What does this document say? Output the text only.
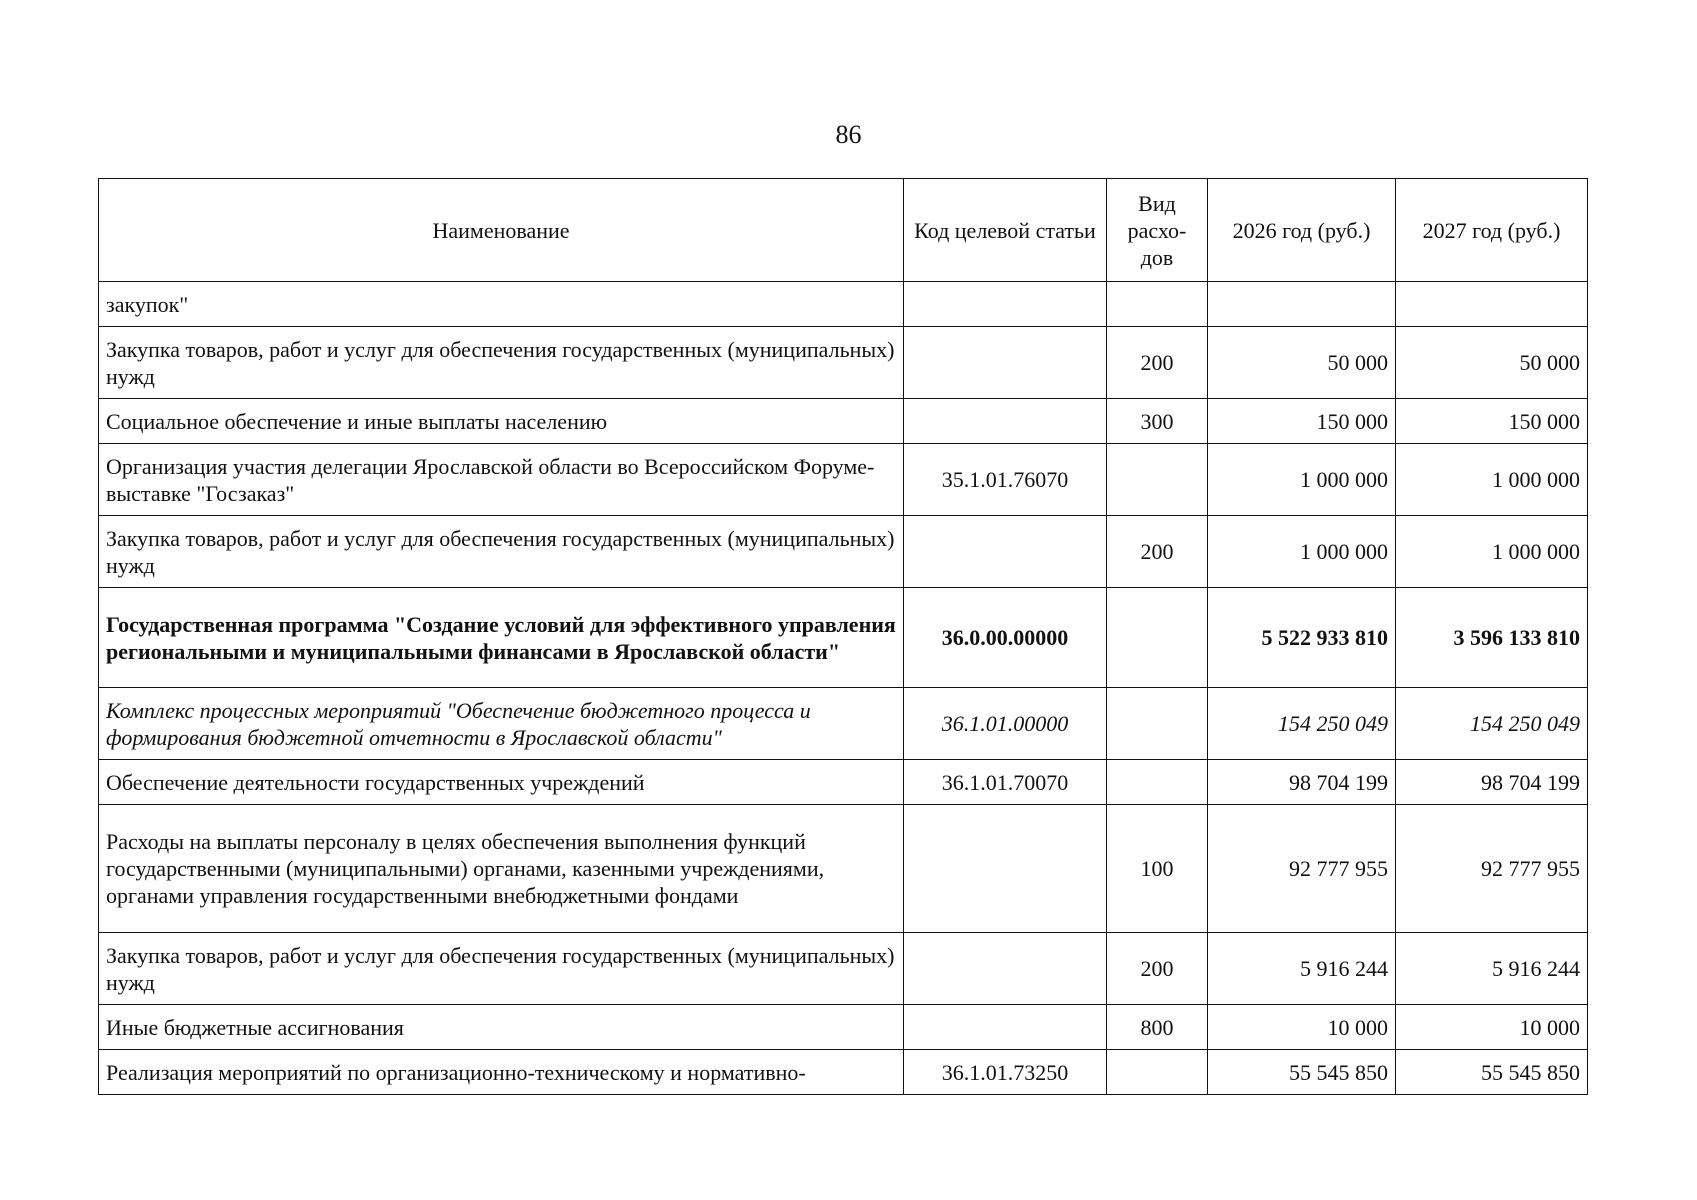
86
Наименование	Код целевой статьи	Вид расхо-дов	2026 год (руб.)	2027 год (руб.)
закупок"				
Закупка товаров, работ и услуг для обеспечения государственных (муниципальных) нужд		200	50 000	50 000
Социальное обеспечение и иные выплаты населению		300	150 000	150 000
Организация участия делегации Ярославской области во Всероссийском Форуме-выставке "Госзаказ"	35.1.01.76070		1 000 000	1 000 000
Закупка товаров, работ и услуг для обеспечения государственных (муниципальных) нужд		200	1 000 000	1 000 000
Государственная программа "Создание условий для эффективного управления региональными и муниципальными финансами в Ярославской области"	36.0.00.00000		5 522 933 810	3 596 133 810
Комплекс процессных мероприятий "Обеспечение бюджетного процесса и формирования бюджетной отчетности в Ярославской области"	36.1.01.00000		154 250 049	154 250 049
Обеспечение деятельности государственных учреждений	36.1.01.70070		98 704 199	98 704 199
Расходы на выплаты персоналу в целях обеспечения выполнения функций государственными (муниципальными) органами, казенными учреждениями, органами управления государственными внебюджетными фондами		100	92 777 955	92 777 955
Закупка товаров, работ и услуг для обеспечения государственных (муниципальных) нужд		200	5 916 244	5 916 244
Иные бюджетные ассигнования		800	10 000	10 000
Реализация мероприятий по организационно-техническому и нормативно-	36.1.01.73250		55 545 850	55 545 850
